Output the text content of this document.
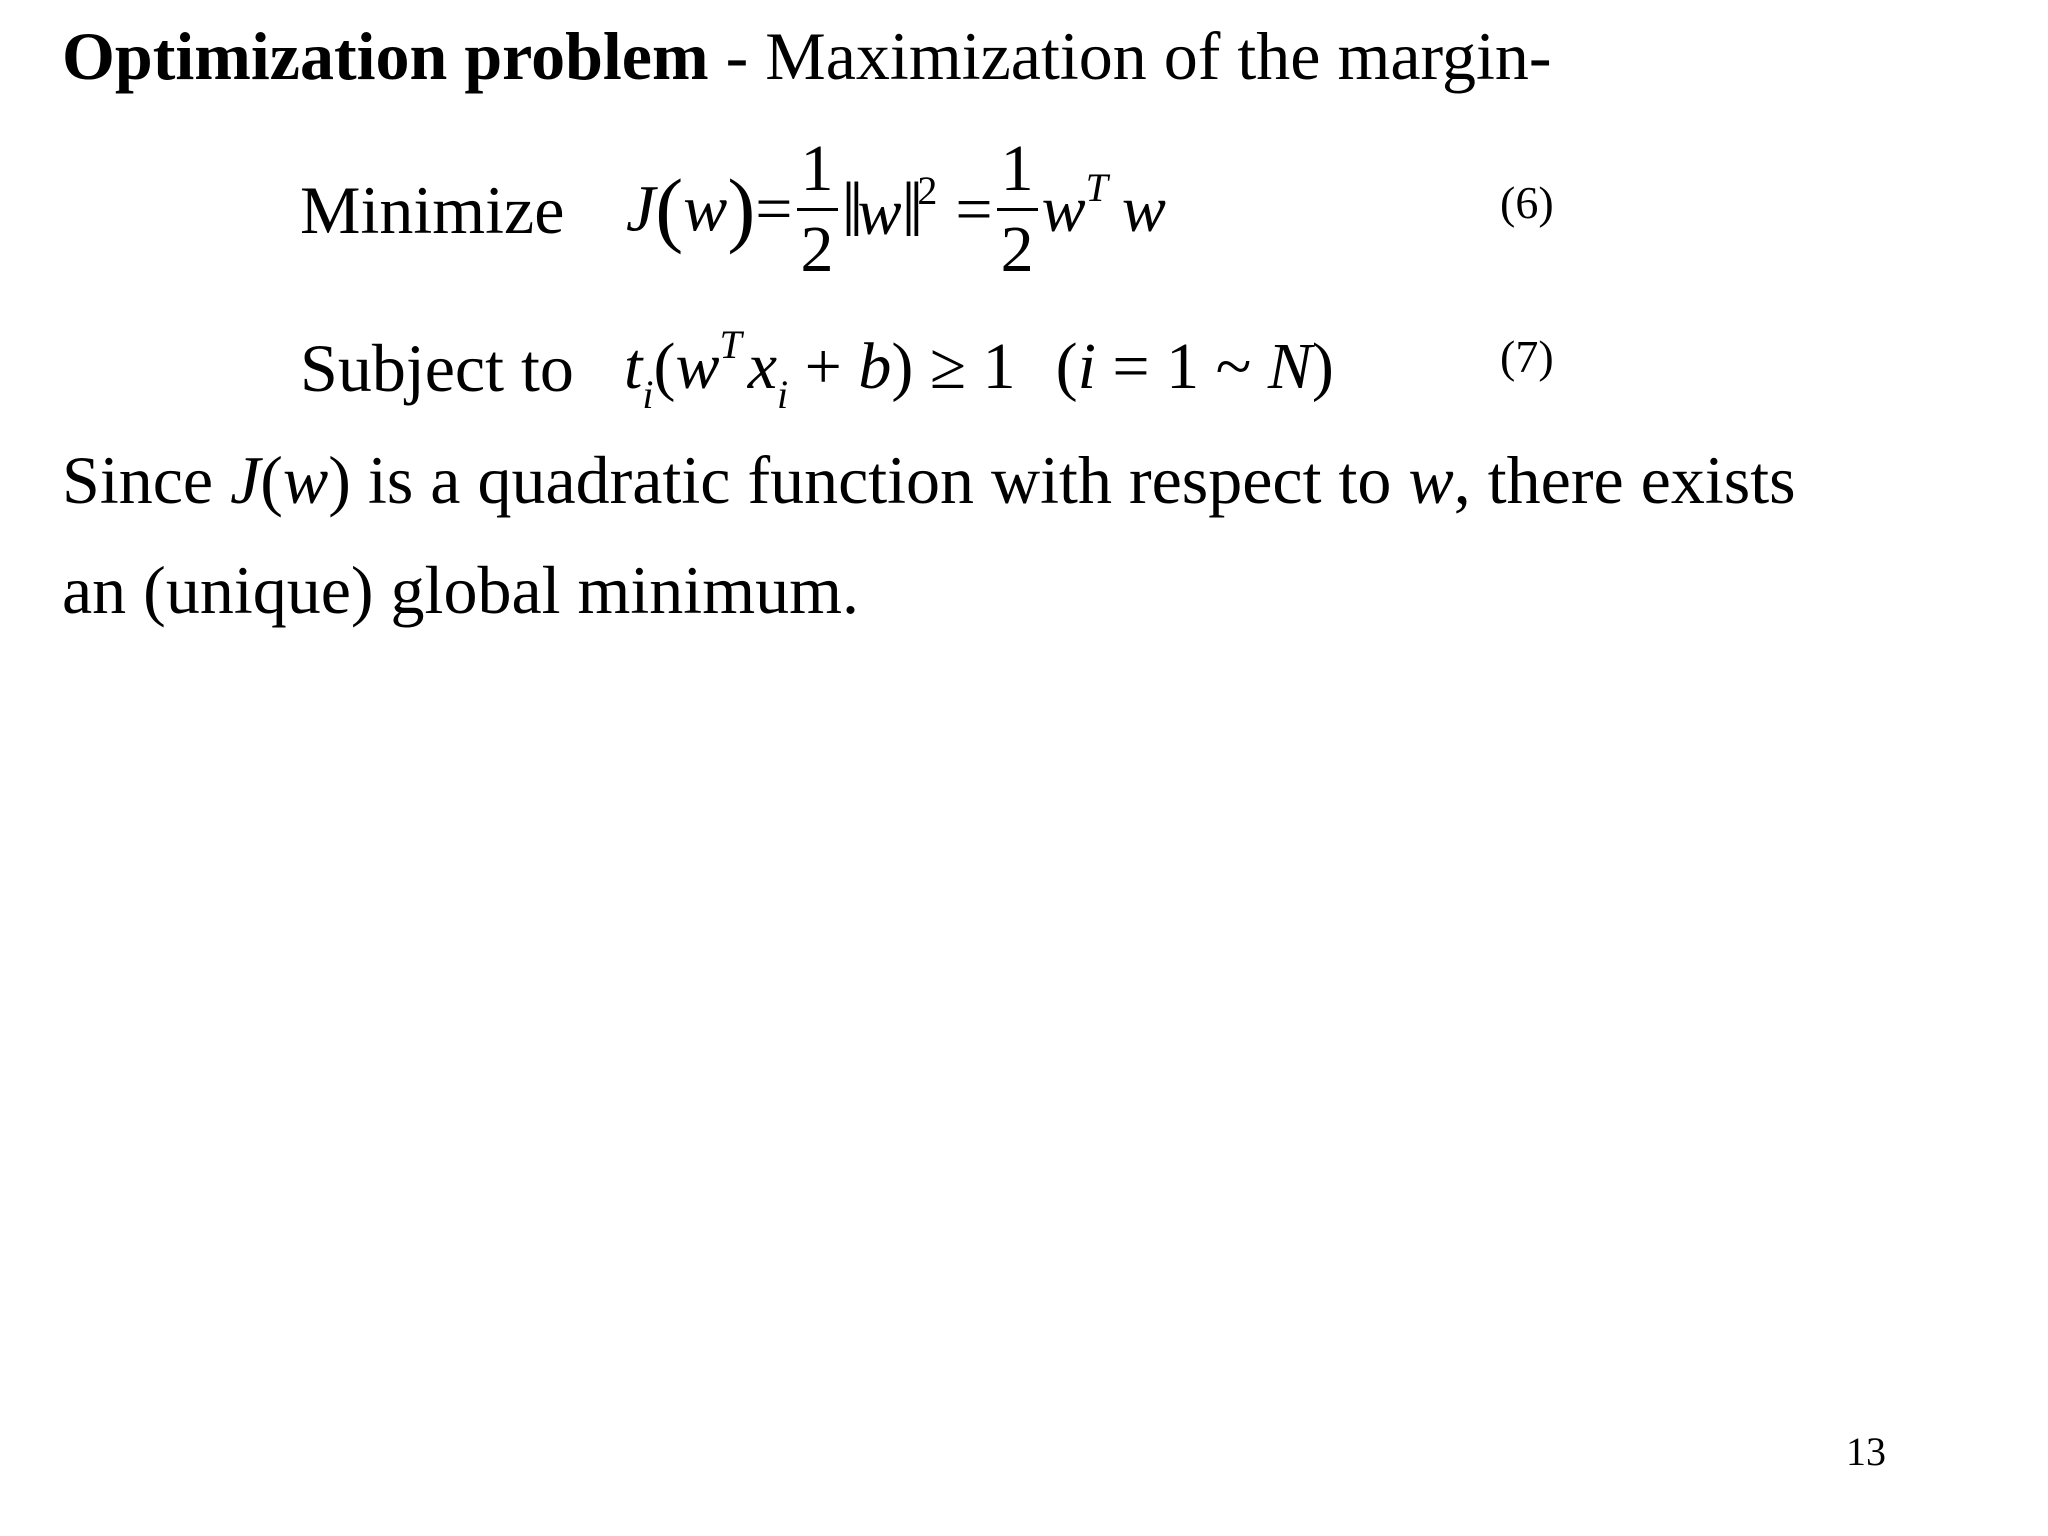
Optimization problem - Maximization of the margin-
Minimize $J(w)= \frac{1}{2}$ ‖w‖$^2$ = $\frac{1}{2} w^T$ w	(6)
Subject to $t_i(w^Tx_i + b) \ge 1$ (i = 1 ~ N)	(7)
Since J(w) is a quadratic function with respect to w, there exists
an (unique) global minimum.
13
